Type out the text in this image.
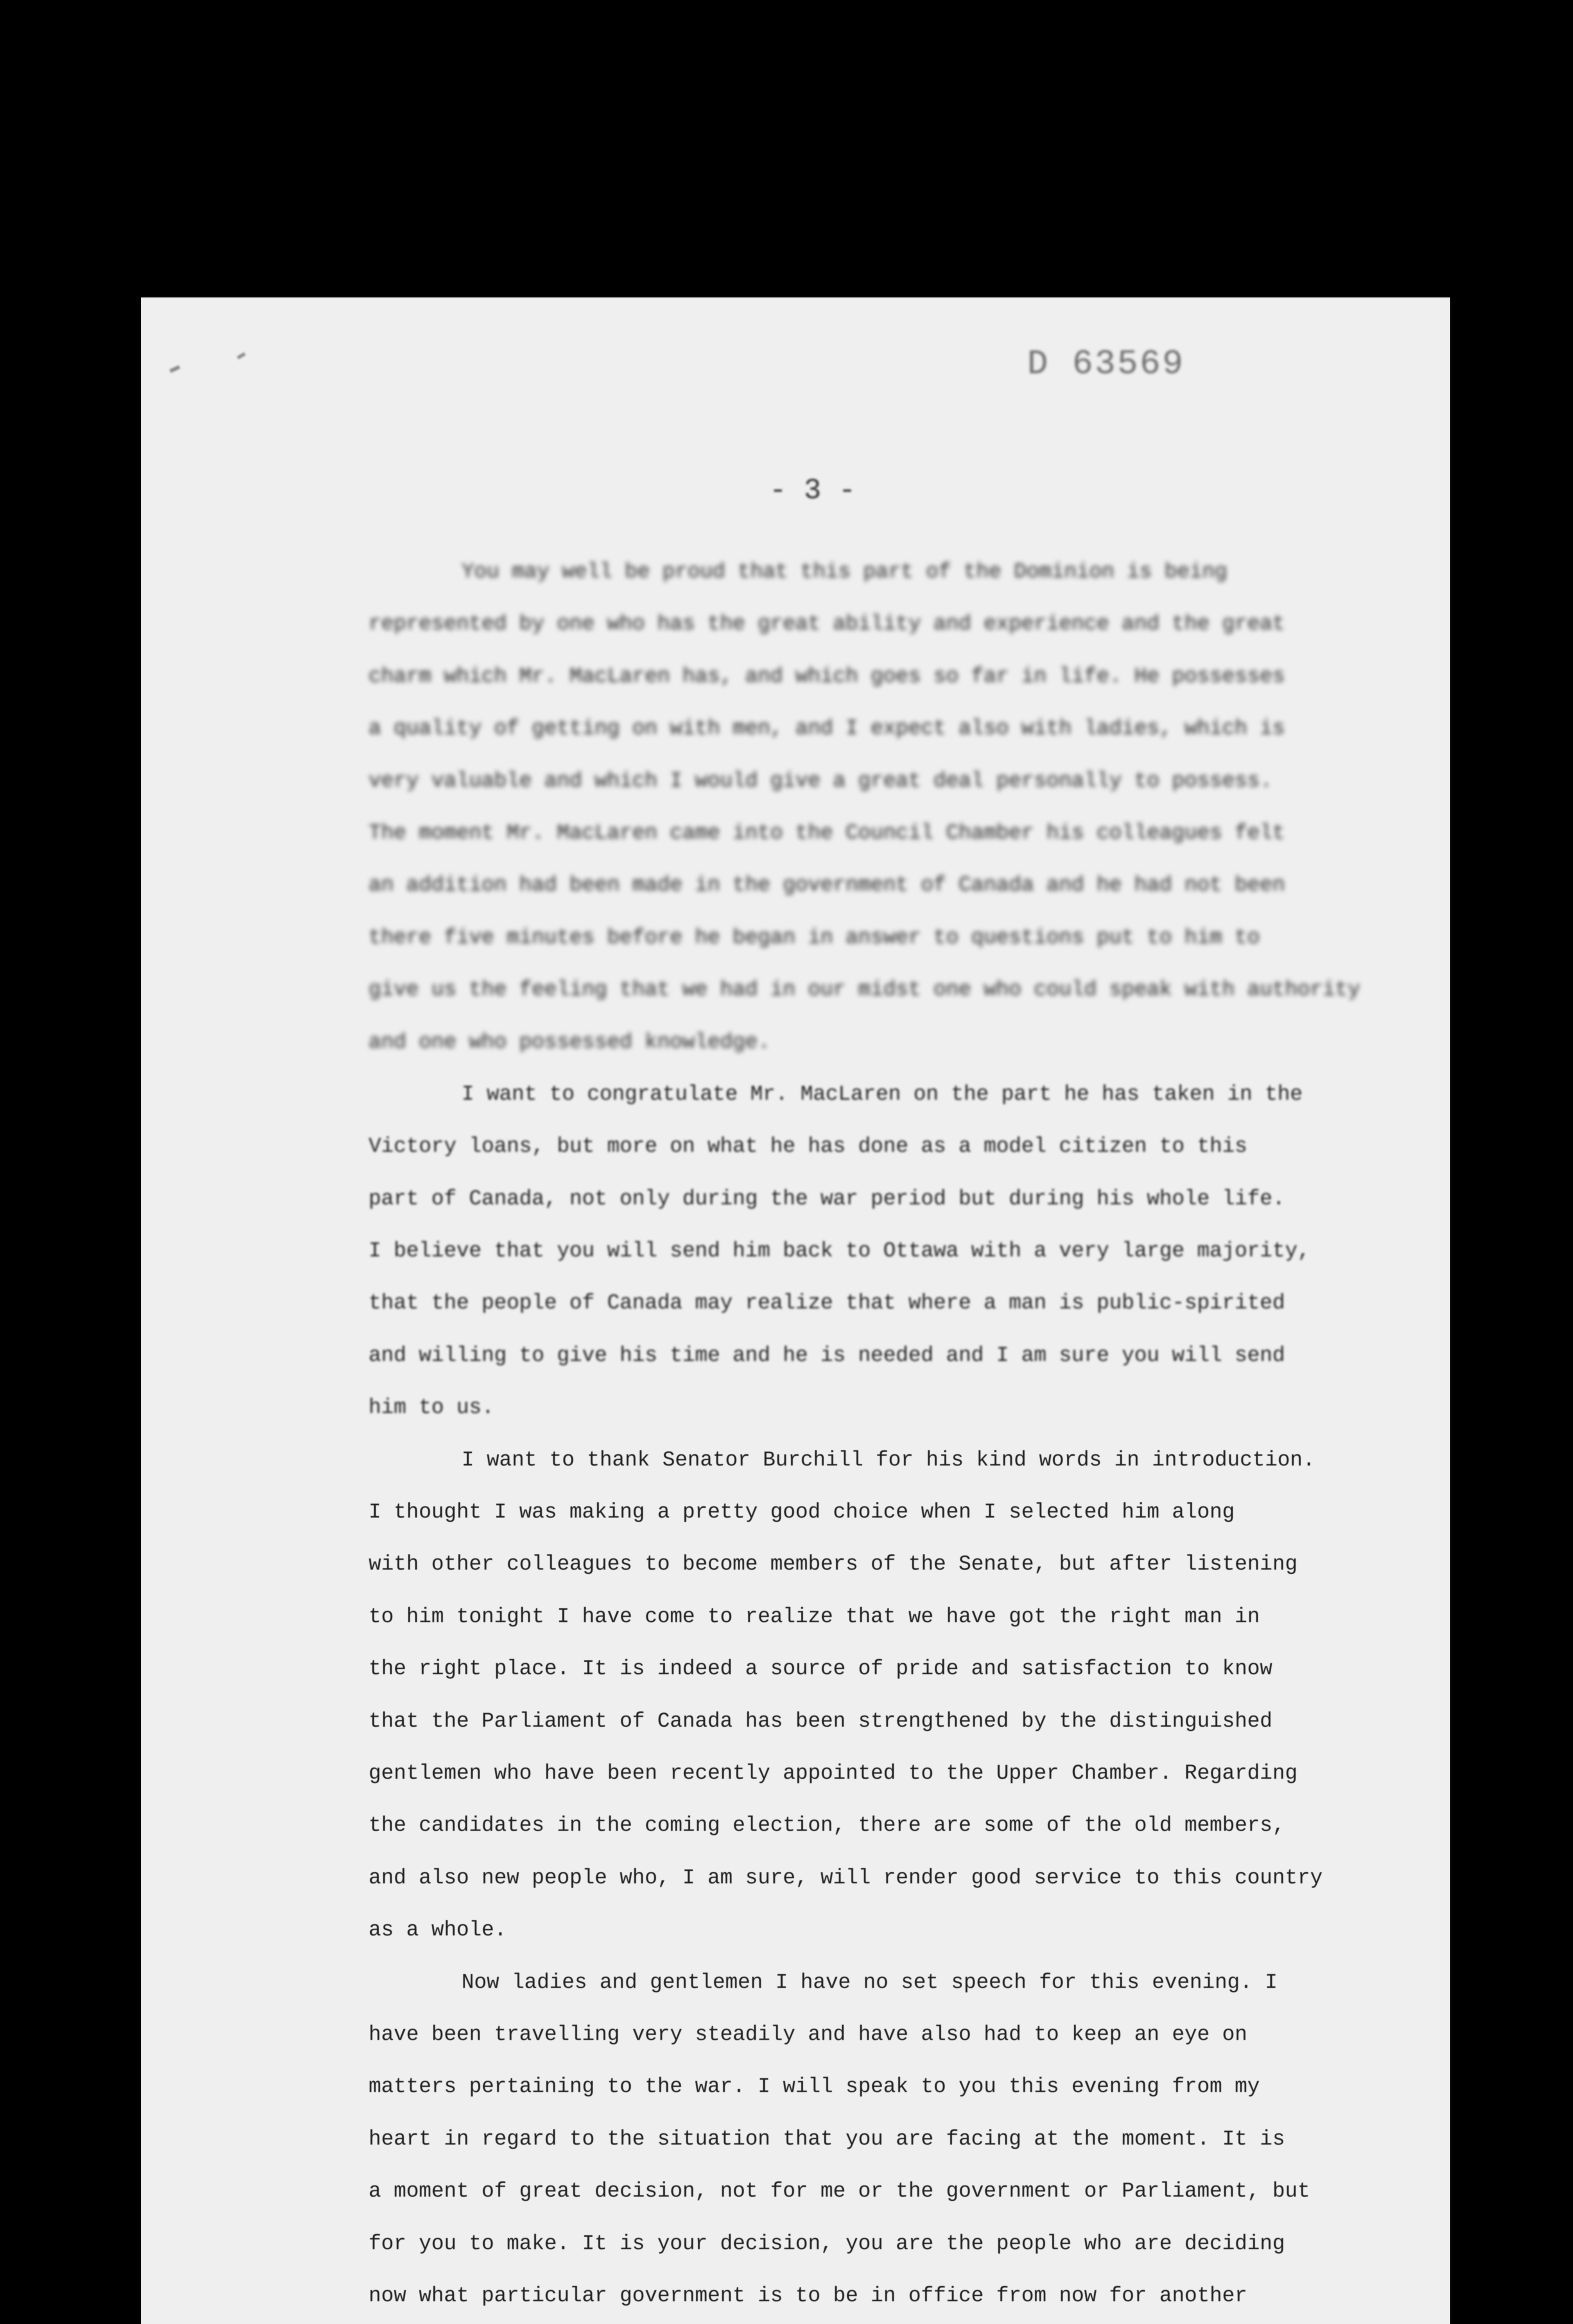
D 63569
- 3 -
You may well be proud that this part of the Dominion is being
represented by one who has the great ability and experience and the great
charm which Mr. MacLaren has, and which goes so far in life. He possesses
a quality of getting on with men, and I expect also with ladies, which is
very valuable and which I would give a great deal personally to possess.
The moment Mr. MacLaren came into the Council Chamber his colleagues felt
an addition had been made in the government of Canada and he had not been
there five minutes before he began in answer to questions put to him to
give us the feeling that we had in our midst one who could speak with authority
and one who possessed knowledge.
I want to congratulate Mr. MacLaren on the part he has taken in the
Victory loans, but more on what he has done as a model citizen to this
part of Canada, not only during the war period but during his whole life.
I believe that you will send him back to Ottawa with a very large majority,
that the people of Canada may realize that where a man is public-spirited
and willing to give his time and he is needed and I am sure you will send
him to us.
I want to thank Senator Burchill for his kind words in introduction.
I thought I was making a pretty good choice when I selected him along
with other colleagues to become members of the Senate, but after listening
to him tonight I have come to realize that we have got the right man in
the right place. It is indeed a source of pride and satisfaction to know
that the Parliament of Canada has been strengthened by the distinguished
gentlemen who have been recently appointed to the Upper Chamber. Regarding
the candidates in the coming election, there are some of the old members,
and also new people who, I am sure, will render good service to this country
as a whole.
Now ladies and gentlemen I have no set speech for this evening. I
have been travelling very steadily and have also had to keep an eye on
matters pertaining to the war. I will speak to you this evening from my
heart in regard to the situation that you are facing at the moment. It is
a moment of great decision, not for me or the government or Parliament, but
for you to make. It is your decision, you are the people who are deciding
now what particular government is to be in office from now for another
